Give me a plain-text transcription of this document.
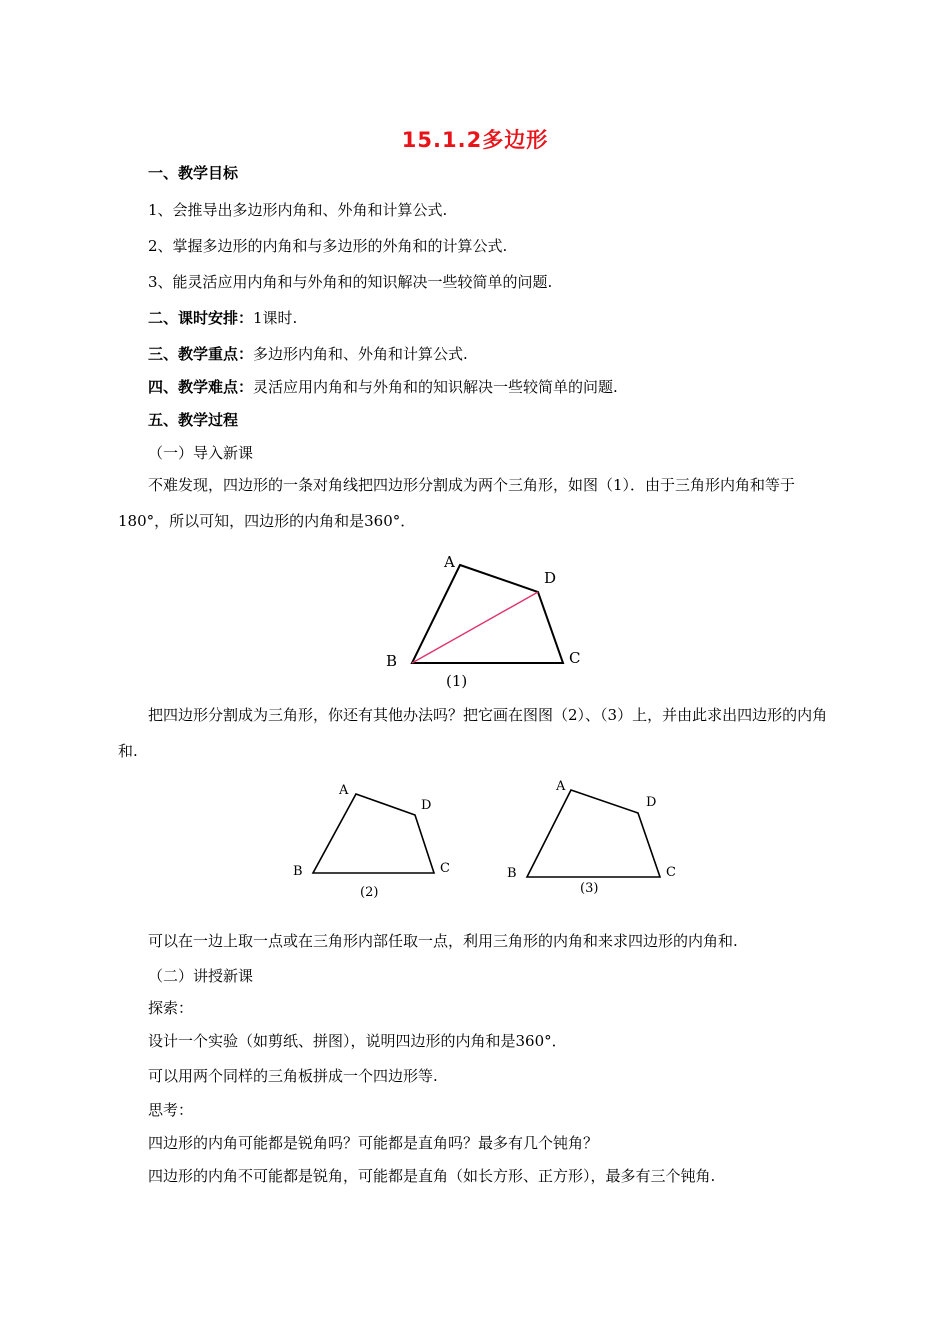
15.1.2多边形
一、教学目标
1、会推导出多边形内角和、外角和计算公式.
2、掌握多边形的内角和与多边形的外角和的计算公式.
3、能灵活应用内角和与外角和的知识解决一些较简单的问题.
二、课时安排：1课时.
三、教学重点：多边形内角和、外角和计算公式.
四、教学难点：灵活应用内角和与外角和的知识解决一些较简单的问题.
五、教学过程
（一）导入新课
不难发现，四边形的一条对角线把四边形分割成为两个三角形，如图（1）．由于三角形内角和等于180°，所以可知，四边形的内角和是360°．
A
D
B	C
(1)
把四边形分割成为三角形，你还有其他办法吗？把它画在图图（2）、（3）上，并由此求出四边形的内角和.
A
D
B	C
(2)
A
D
B	C
(3)
可以在一边上取一点或在三角形内部任取一点，利用三角形的内角和来求四边形的内角和.
（二）讲授新课
探索：
设计一个实验（如剪纸、拼图），说明四边形的内角和是360°．
可以用两个同样的三角板拼成一个四边形等.
思考：
四边形的内角可能都是锐角吗？可能都是直角吗？最多有几个钝角？
四边形的内角不可能都是锐角，可能都是直角（如长方形、正方形），最多有三个钝角.
